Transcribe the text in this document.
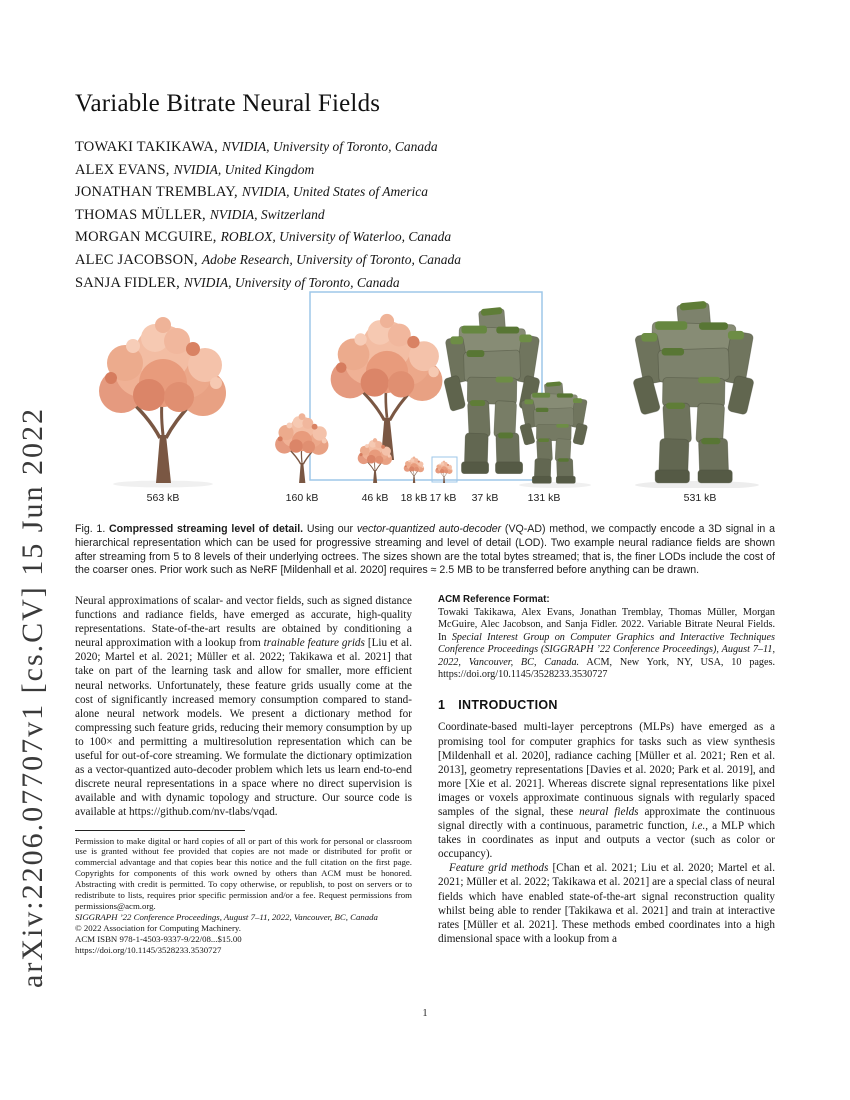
arXiv:2206.07707v1 [cs.CV] 15 Jun 2022
Variable Bitrate Neural Fields
TOWAKI TAKIKAWA, NVIDIA, University of Toronto, Canada
ALEX EVANS, NVIDIA, United Kingdom
JONATHAN TREMBLAY, NVIDIA, United States of America
THOMAS MÜLLER, NVIDIA, Switzerland
MORGAN MCGUIRE, ROBLOX, University of Waterloo, Canada
ALEC JACOBSON, Adobe Research, University of Toronto, Canada
SANJA FIDLER, NVIDIA, University of Toronto, Canada
563 kB	160 kB	46 kB 18 kB 17 kB 37 kB	131 kB	531 kB

Fig. 1. Compressed streaming level of detail. Using our vector-quantized auto-decoder (VQ-AD) method, we compactly encode a 3D signal in a hierarchical representation which can be used for progressive streaming and level of detail (LOD). Two example neural radiance fields are shown after streaming from 5 to 8 levels of their underlying octrees. The sizes shown are the total bytes streamed; that is, the finer LODs include the cost of the coarser ones. Prior work such as NeRF [Mildenhall et al. 2020] requires ≈ 2.5 MB to be transferred before anything can be drawn.

Neural approximations of scalar- and vector fields, such as signed distance functions and radiance fields, have emerged as accurate, high-quality representations. State-of-the-art results are obtained by conditioning a neural approximation with a lookup from trainable feature grids [Liu et al. 2020; Martel et al. 2021; Müller et al. 2022; Takikawa et al. 2021] that take on part of the learning task and allow for smaller, more efficient neural networks. Unfortunately, these feature grids usually come at the cost of significantly increased memory consumption compared to stand-alone neural network models. We present a dictionary method for compressing such feature grids, reducing their memory consumption by up to 100× and permitting a multiresolution representation which can be useful for out-of-core streaming. We formulate the dictionary optimization as a vector-quantized auto-decoder problem which lets us learn end-to-end discrete neural representations in a space where no direct supervision is available and with dynamic topology and structure. Our source code is available at https://github.com/nv-tlabs/vqad.

Permission to make digital or hard copies of all or part of this work for personal or classroom use is granted without fee provided that copies are not made or distributed for profit or commercial advantage and that copies bear this notice and the full citation on the first page. Copyrights for components of this work owned by others than ACM must be honored. Abstracting with credit is permitted. To copy otherwise, or republish, to post on servers or to redistribute to lists, requires prior specific permission and/or a fee. Request permissions from permissions@acm.org.

SIGGRAPH ’22 Conference Proceedings, August 7–11, 2022, Vancouver, BC, Canada

© 2022 Association for Computing Machinery.

ACM ISBN 978-1-4503-9337-9/22/08...$15.00

https://doi.org/10.1145/3528233.3530727

ACM Reference Format:

Towaki Takikawa, Alex Evans, Jonathan Tremblay, Thomas Müller, Morgan McGuire, Alec Jacobson, and Sanja Fidler. 2022. Variable Bitrate Neural Fields. In Special Interest Group on Computer Graphics and Interactive Techniques Conference Proceedings (SIGGRAPH ’22 Conference Proceedings), August 7–11, 2022, Vancouver, BC, Canada. ACM, New York, NY, USA, 10 pages. https://doi.org/10.1145/3528233.3530727

1 INTRODUCTION

Coordinate-based multi-layer perceptrons (MLPs) have emerged as a promising tool for computer graphics for tasks such as view synthesis [Mildenhall et al. 2020], radiance caching [Müller et al. 2021; Ren et al. 2013], geometry representations [Davies et al. 2020; Park et al. 2019], and more [Xie et al. 2021]. Whereas discrete signal representations like pixel images or voxels approximate continuous signals with regularly spaced samples of the signal, these neural fields approximate the continuous signal directly with a continuous, parametric function, i.e., a MLP which takes in coordinates as input and outputs a vector (such as color or occupancy).

Feature grid methods [Chan et al. 2021; Liu et al. 2020; Martel et al. 2021; Müller et al. 2022; Takikawa et al. 2021] are a special class of neural fields which have enabled state-of-the-art signal reconstruction quality whilst being able to render [Takikawa et al. 2021] and train at interactive rates [Müller et al. 2021]. These methods embed coordinates into a high dimensional space with a lookup from a

1
